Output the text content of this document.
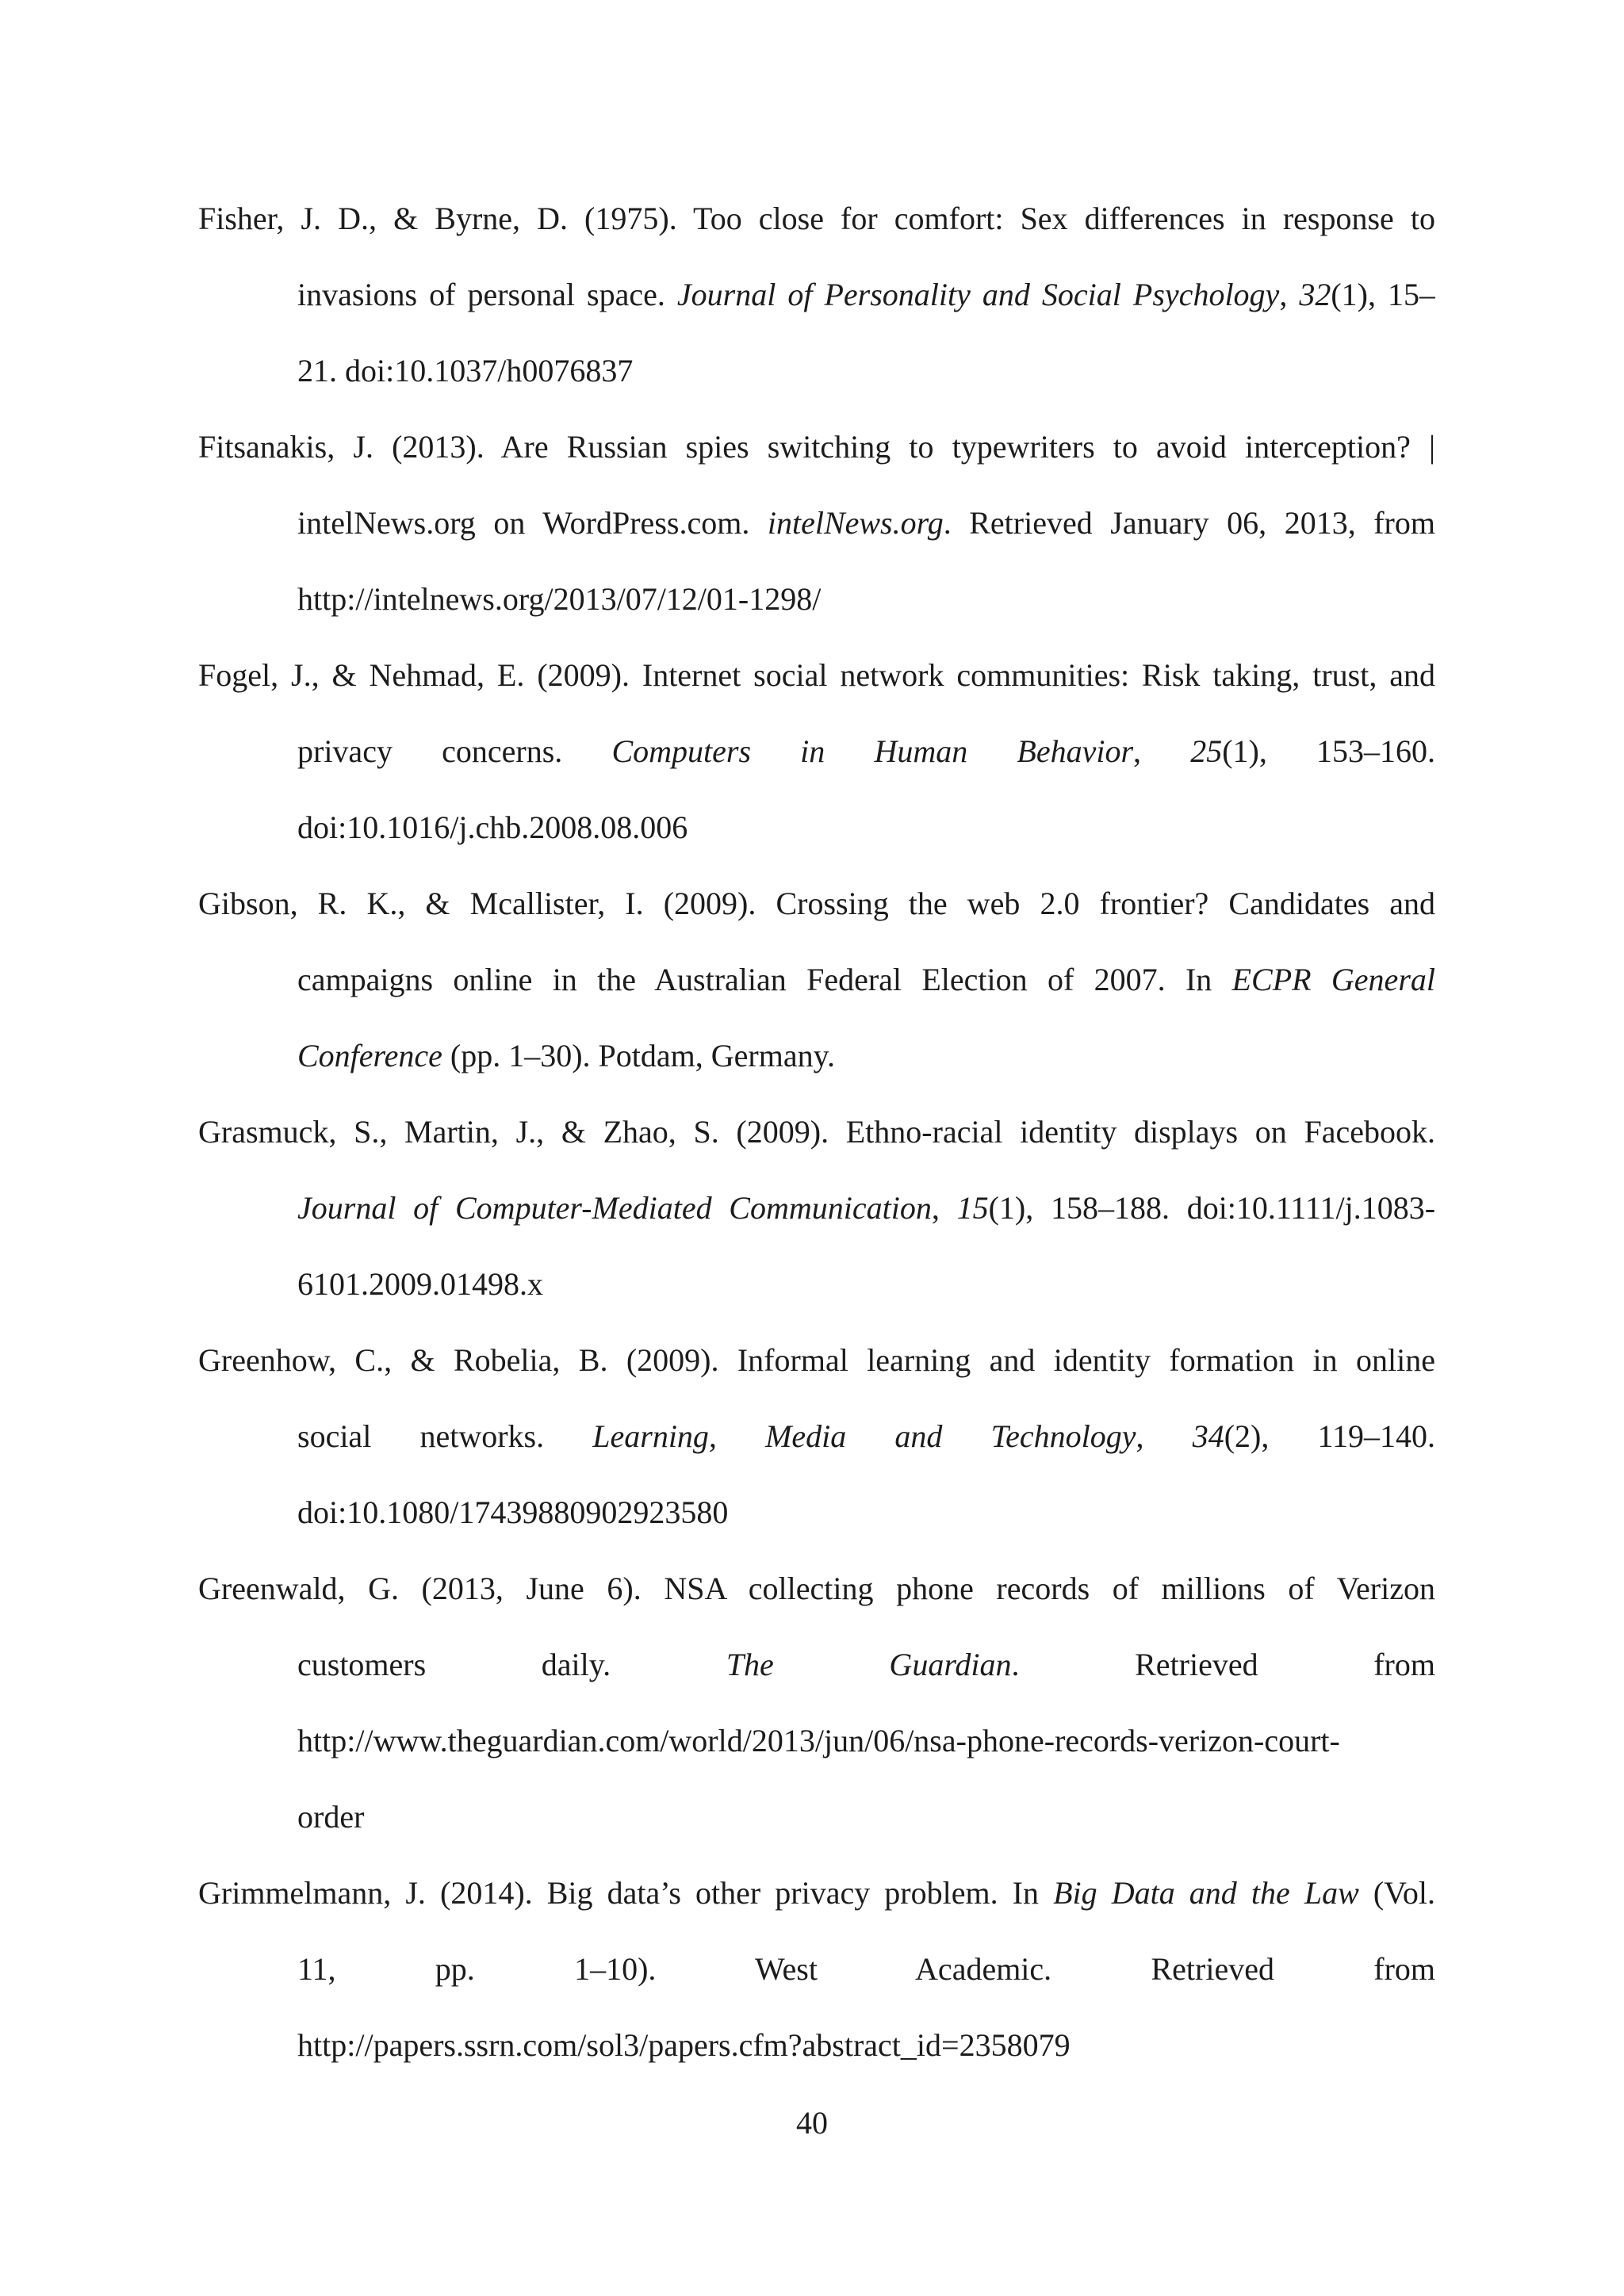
Fisher, J. D., & Byrne, D. (1975). Too close for comfort: Sex differences in response to
invasions of personal space. Journal of Personality and Social Psychology, 32(1), 15–
21. doi:10.1037/h0076837
Fitsanakis, J. (2013). Are Russian spies switching to typewriters to avoid interception? |
intelNews.org on WordPress.com. intelNews.org. Retrieved January 06, 2013, from
http://intelnews.org/2013/07/12/01-1298/
Fogel, J., & Nehmad, E. (2009). Internet social network communities: Risk taking, trust, and
privacy concerns. Computers in Human Behavior, 25(1), 153–160.
doi:10.1016/j.chb.2008.08.006
Gibson, R. K., & Mcallister, I. (2009). Crossing the web 2.0 frontier? Candidates and
campaigns online in the Australian Federal Election of 2007. In ECPR General
Conference (pp. 1–30). Potdam, Germany.
Grasmuck, S., Martin, J., & Zhao, S. (2009). Ethno-racial identity displays on Facebook.
Journal of Computer-Mediated Communication, 15(1), 158–188. doi:10.1111/j.1083-
6101.2009.01498.x
Greenhow, C., & Robelia, B. (2009). Informal learning and identity formation in online
social networks. Learning, Media and Technology, 34(2), 119–140.
doi:10.1080/17439880902923580
Greenwald, G. (2013, June 6). NSA collecting phone records of millions of Verizon
customers daily. The Guardian. Retrieved from
http://www.theguardian.com/world/2013/jun/06/nsa-phone-records-verizon-court-
order
Grimmelmann, J. (2014). Big data’s other privacy problem. In Big Data and the Law (Vol.
11, pp. 1–10). West Academic. Retrieved from
http://papers.ssrn.com/sol3/papers.cfm?abstract_id=2358079
40
